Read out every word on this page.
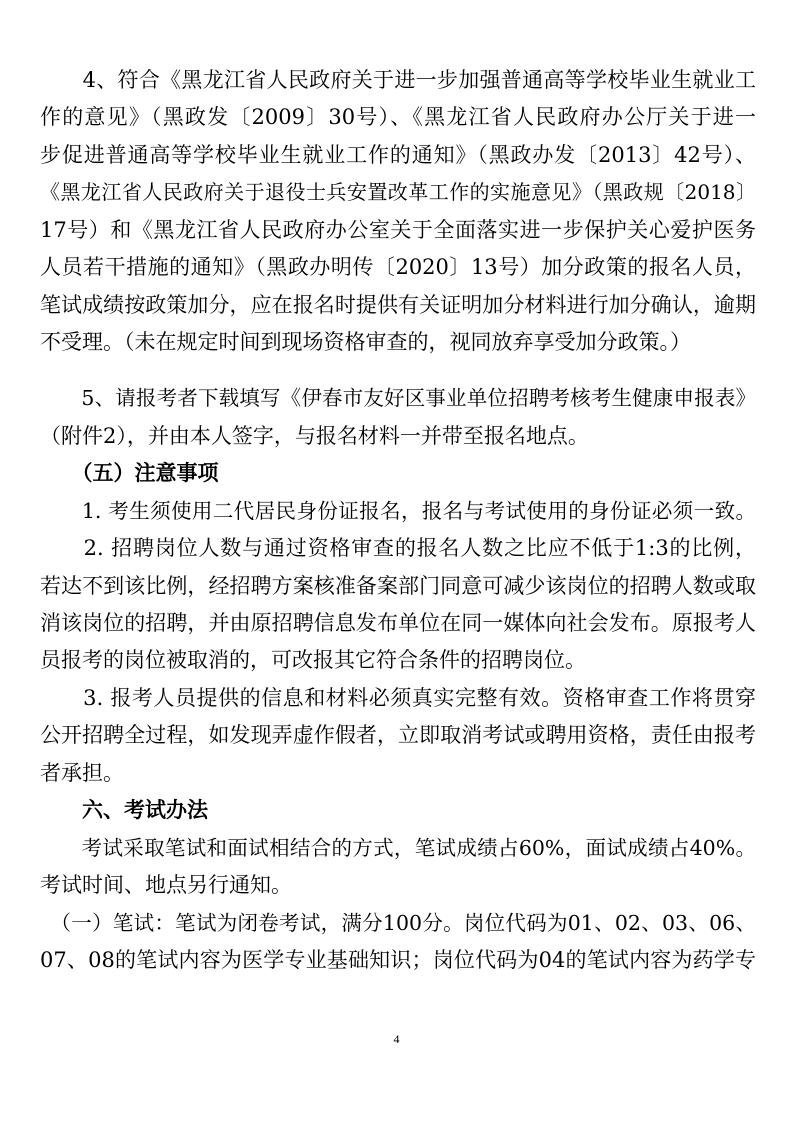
　　4、符合《黑龙江省人民政府关于进一步加强普通高等学校毕业生就业工
作的意见》（黑政发〔2009〕30号）、《黑龙江省人民政府办公厅关于进一
步促进普通高等学校毕业生就业工作的通知》（黑政办发〔2013〕42号）、
《黑龙江省人民政府关于退役士兵安置改革工作的实施意见》（黑政规〔2018〕
17号）和《黑龙江省人民政府办公室关于全面落实进一步保护关心爱护医务
人员若干措施的通知》（黑政办明传〔2020〕13号）加分政策的报名人员，
笔试成绩按政策加分，应在报名时提供有关证明加分材料进行加分确认，逾期
不受理。（未在规定时间到现场资格审查的，视同放弃享受加分政策。）
　　5、请报考者下载填写《伊春市友好区事业单位招聘考核考生健康申报表》
（附件2），并由本人签字，与报名材料一并带至报名地点。
　　（五）注意事项
　　1. 考生须使用二代居民身份证报名，报名与考试使用的身份证必须一致。
　　2. 招聘岗位人数与通过资格审查的报名人数之比应不低于1:3的比例，
若达不到该比例，经招聘方案核准备案部门同意可减少该岗位的招聘人数或取
消该岗位的招聘，并由原招聘信息发布单位在同一媒体向社会发布。原报考人
员报考的岗位被取消的，可改报其它符合条件的招聘岗位。
　　3. 报考人员提供的信息和材料必须真实完整有效。资格审查工作将贯穿
公开招聘全过程，如发现弄虚作假者，立即取消考试或聘用资格，责任由报考
者承担。
　　六、考试办法
　　考试采取笔试和面试相结合的方式，笔试成绩占60%，面试成绩占40%。
考试时间、地点另行通知。
　（一）笔试：笔试为闭卷考试，满分100分。岗位代码为01、02、03、06、
07、08的笔试内容为医学专业基础知识；岗位代码为04的笔试内容为药学专
4
